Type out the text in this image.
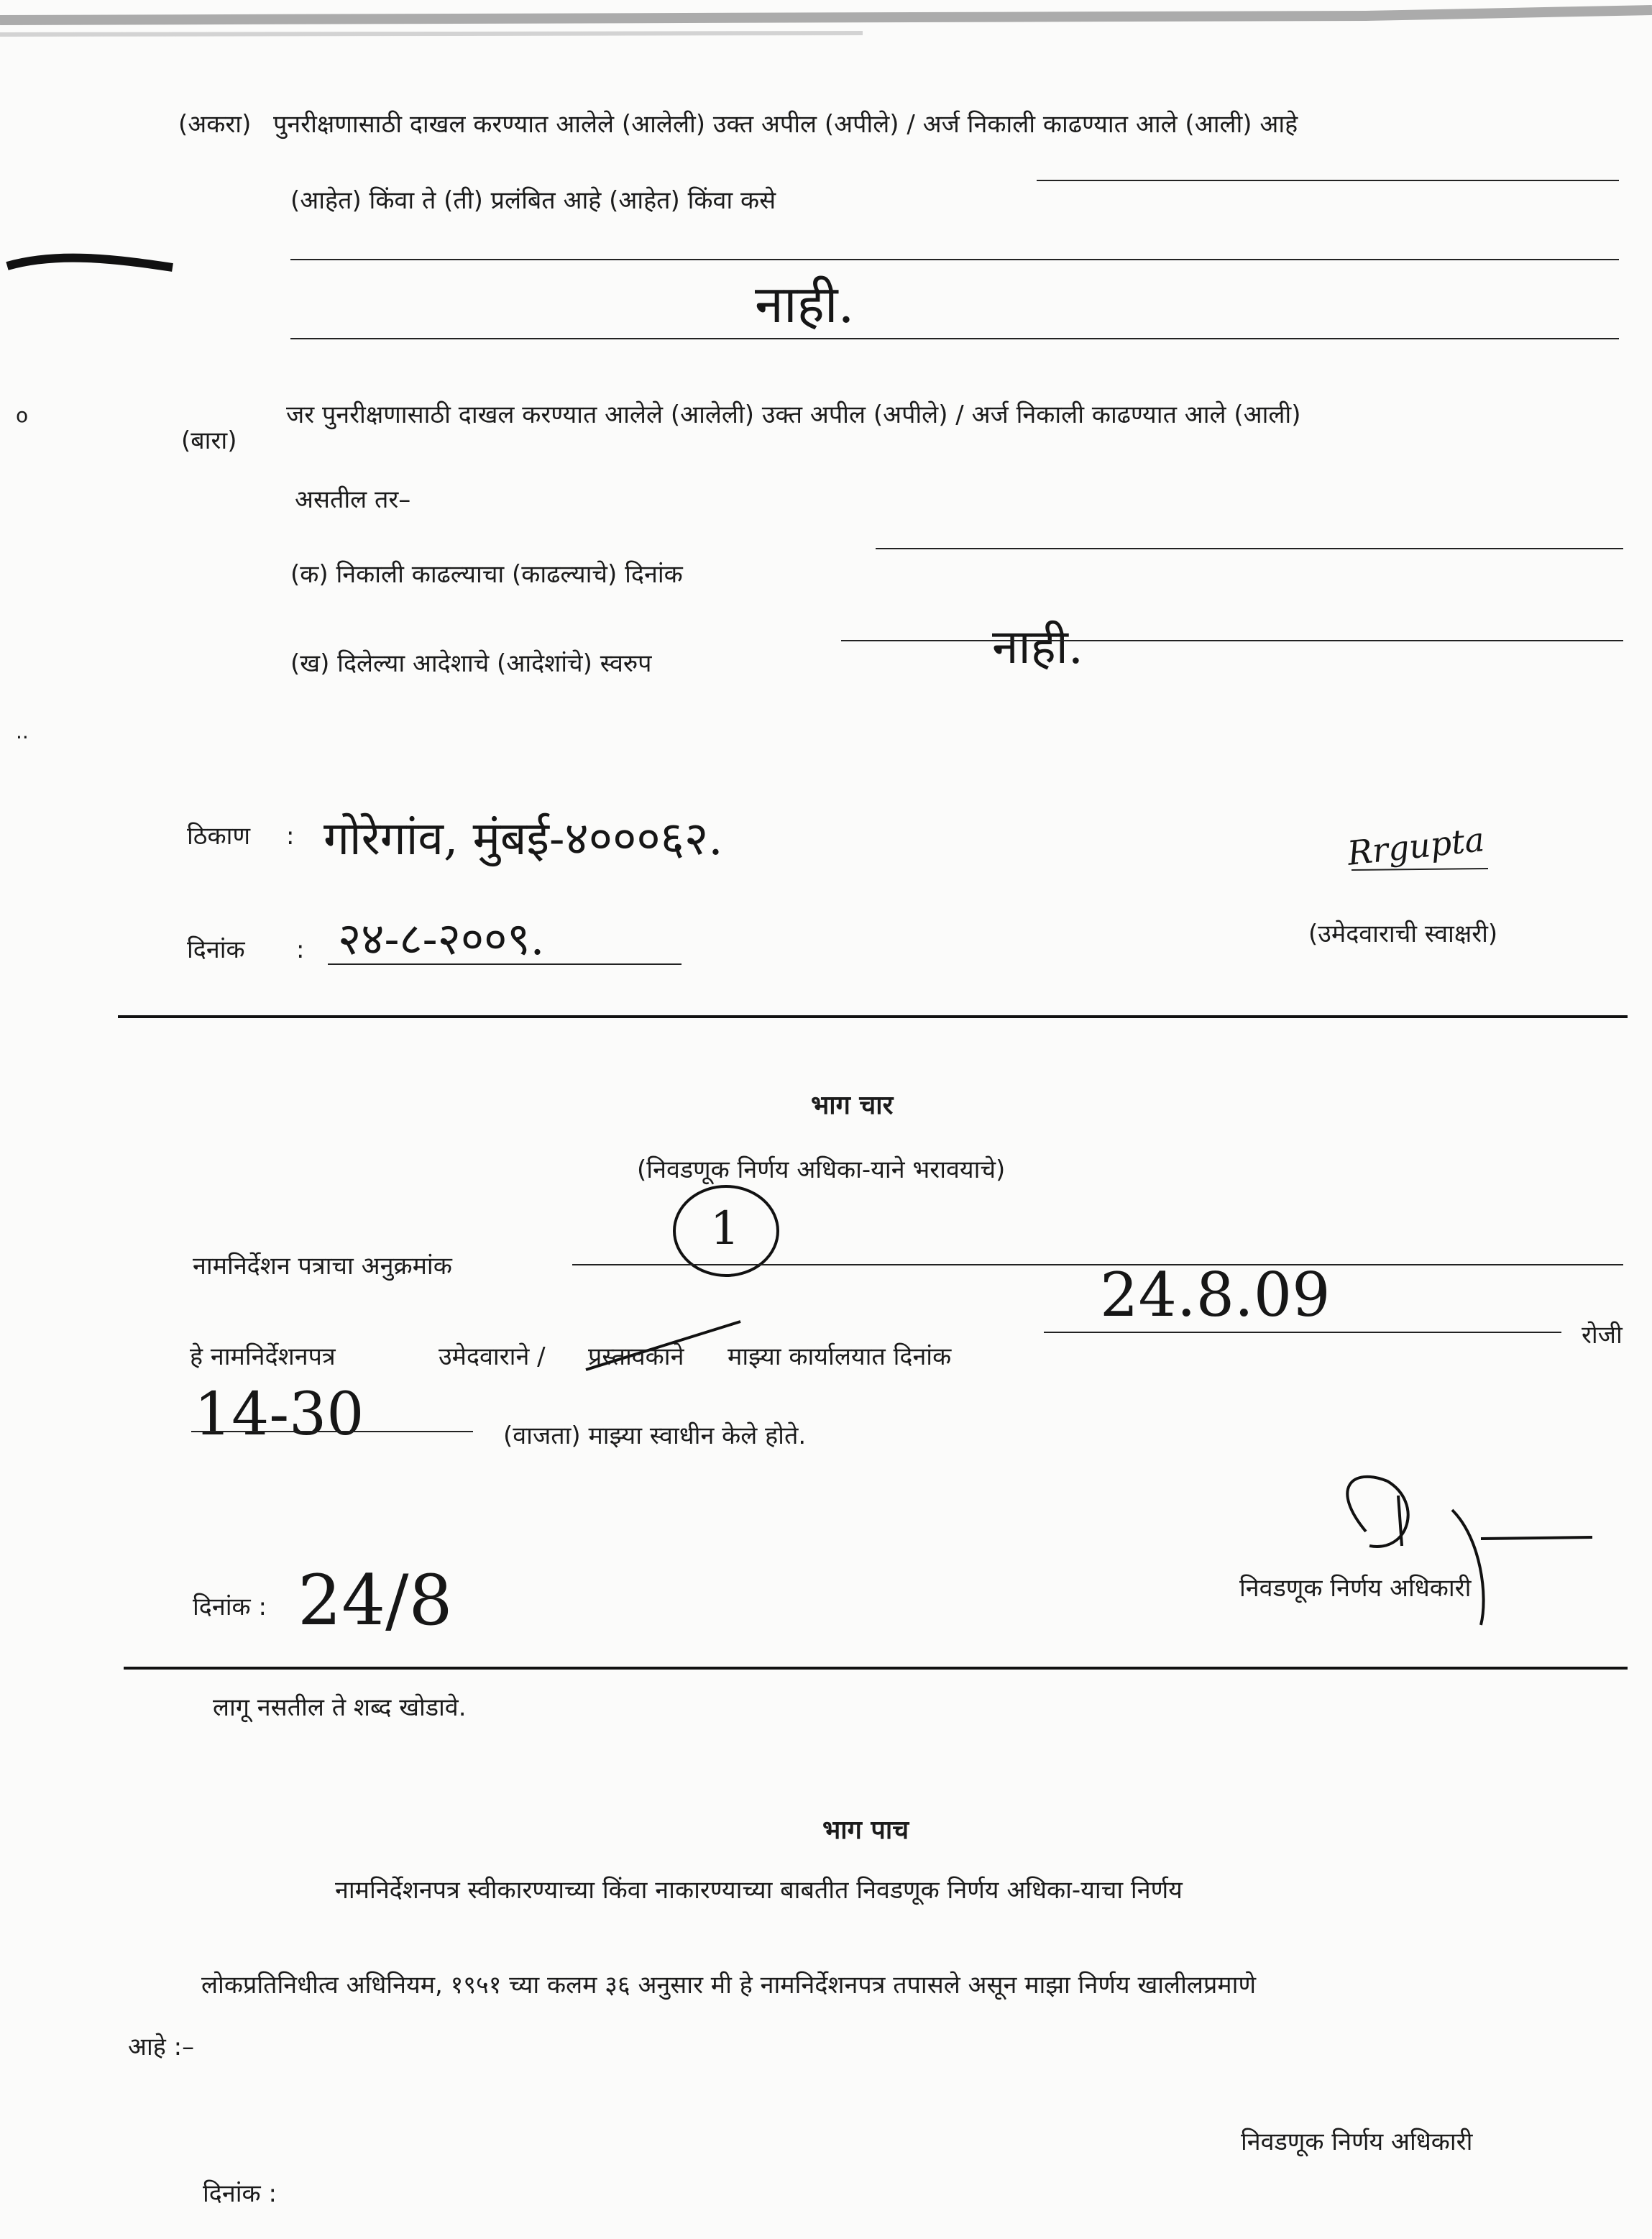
(अकरा) पुनरीक्षणासाठी दाखल करण्यात आलेले (आलेली) उक्त अपील (अपीले) / अर्ज निकाली काढण्यात आले (आली) आहे
(आहेत) किंवा ते (ती) प्रलंबित आहे (आहेत) किंवा कसे
नाही.
o
(बारा)
जर पुनरीक्षणासाठी दाखल करण्यात आलेले (आलेली) उक्त अपील (अपीले) / अर्ज निकाली काढण्यात आले (आली)
असतील तर–
(क) निकाली काढल्याचा (काढल्याचे) दिनांक
(ख) दिलेल्या आदेशाचे (आदेशांचे) स्वरुप	नाही.
..
ठिकाण : गोरेगांव, मुंबई-४०००६२.
दिनांक : २४-८-२००९.
Rrgupta
(उमेदवाराची स्वाक्षरी)
भाग चार
(निवडणूक निर्णय अधिका-याने भरावयाचे)
नामनिर्देशन पत्राचा अनुक्रमांक
1
हे नामनिर्देशनपत्र	उमेदवाराने / प्रस्तावकाने माझ्या कार्यालयात दिनांक
24.8.09
रोजी
14-30	(वाजता) माझ्या स्वाधीन केले होते.
दिनांक : 24/8	निवडणूक निर्णय अधिकारी
लागू नसतील ते शब्द खोडावे.
भाग पाच
नामनिर्देशनपत्र स्वीकारण्याच्या किंवा नाकारण्याच्या बाबतीत निवडणूक निर्णय अधिका-याचा निर्णय
लोकप्रतिनिधीत्व अधिनियम, १९५१ च्या कलम ३६ अनुसार मी हे नामनिर्देशनपत्र तपासले असून माझा निर्णय खालीलप्रमाणे
आहे :–
दिनांक :
निवडणूक निर्णय अधिकारी
